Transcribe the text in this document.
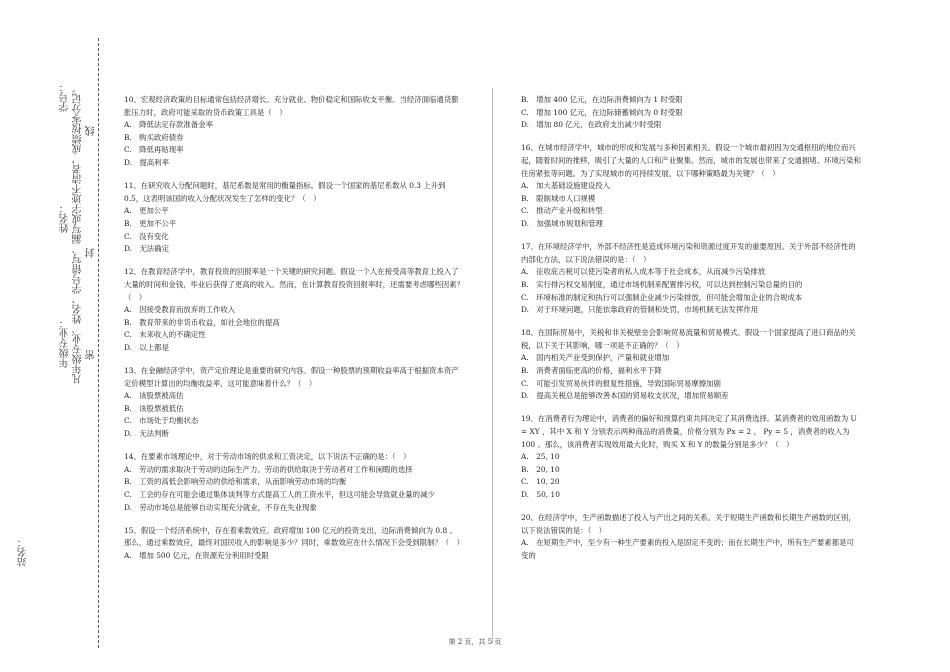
站名：
年级专业：
姓名：
学号： 凡年级专业、姓名、学号错写、漏写或字迹不清者，成绩按零分记。 密
封
线

10、宏观经济政策的目标通常包括经济增长、充分就业、物价稳定和国际收支平衡。当经济面临通货膨胀压力时，政府可能采取的货币政策工具是（　）

A.　降低法定存款准备金率

B.　购买政府债券

C.　降低再贴现率

D.　提高利率

11、在研究收入分配问题时，基尼系数是常用的衡量指标。假设一个国家的基尼系数从 0.3 上升到 0.5，这表明该国的收入分配状况发生了怎样的变化？（　）

A.　更加公平

B.　更加不公平

C.　没有变化

D.　无法确定

12、在教育经济学中，教育投资的回报率是一个关键的研究问题。假设一个人在接受高等教育上投入了大量的时间和金钱，毕业后获得了更高的收入。然而，在计算教育投资回报率时，还需要考虑哪些因素？（　）

A.　因接受教育而放弃的工作收入

B.　教育带来的非货币收益，如社会地位的提高

C.　未来收入的不确定性

D.　以上都是

13、在金融经济学中，资产定价理论是重要的研究内容。假设一种股票的预期收益率高于根据资本资产定价模型计算出的均衡收益率，这可能意味着什么？（　）

A.　该股票被高估

B.　该股票被低估

C.　市场处于均衡状态

D.　无法判断

14、在要素市场理论中，对于劳动市场的供求和工资决定，以下说法不正确的是：（　）

A.　劳动的需求取决于劳动的边际生产力。劳动的供给取决于劳动者对工作和闲暇的选择

B.　工资的高低会影响劳动的供给和需求，从而影响劳动市场的均衡

C.　工会的存在可能会通过集体谈判等方式提高工人的工资水平，但这可能会导致就业量的减少

D.　劳动市场总是能够自动实现充分就业，不存在失业现象

15、假设一个经济系统中，存在着乘数效应。政府增加 100 亿元的投资支出，边际消费倾向为 0.8 。那么，通过乘数效应，最终对国民收入的影响是多少？同时，乘数效应在什么情况下会受到限制？（　）

A.　增加 500 亿元，在资源充分利用时受限

B.　增加 400 亿元，在边际消费倾向为 1 时受限

C.　增加 100 亿元，在边际储蓄倾向为 0 时受限

D.　增加 80 亿元，在政府支出减少时受限

16、在城市经济学中，城市的形成和发展与多种因素相关。假设一个城市最初因为交通枢纽的地位而兴起，随着时间的推移，吸引了大量的人口和产业聚集。然而，城市的发展也带来了交通拥堵、环境污染和住房紧张等问题。为了实现城市的可持续发展，以下哪种策略最为关键？（　）

A.　加大基础设施建设投入

B.　限制城市人口规模

C.　推动产业升级和转型

D.　加强城市规划和管理

17、在环境经济学中，外部不经济性是造成环境污染和资源过度开发的重要原因。关于外部不经济性的内部化方法，以下说法错误的是：（　）

A.　征收庇古税可以使污染者的私人成本等于社会成本，从而减少污染排放

B.　实行排污权交易制度，通过市场机制来配置排污权，可以达到控制污染总量的目的

C.　环境标准的制定和执行可以强制企业减少污染排放，但可能会增加企业的合规成本

D.　对于环境问题，只能依靠政府的管制和处罚，市场机制无法发挥作用

18、在国际贸易中，关税和非关税壁垒会影响贸易流量和贸易模式。假设一个国家提高了进口商品的关税，以下关于其影响，哪一项是不正确的？（　）

A.　国内相关产业受到保护，产量和就业增加

B.　消费者面临更高的价格，福利水平下降

C.　可能引发贸易伙伴的报复性措施，导致国际贸易摩擦加剧

D.　提高关税总是能够改善本国的贸易收支状况，增加贸易顺差

19、在消费者行为理论中，消费者的偏好和预算约束共同决定了其消费选择。某消费者的效用函数为 U = XY ，其中 X 和 Y 分别表示两种商品的消费量，价格分别为 Px = 2 ， Py = 5 ，消费者的收入为 100 。那么，该消费者实现效用最大化时，购买 X 和 Y 的数量分别是多少？（　）

A.　25, 10

B.　20, 10

C.　10, 20

D.　50, 10

20、在经济学中，生产函数描述了投入与产出之间的关系。关于短期生产函数和长期生产函数的区别，以下说法错误的是：（　）

A.　在短期生产中，至少有一种生产要素的投入是固定不变的；而在长期生产中，所有生产要素都是可变的

第 2 页，共 5 页
